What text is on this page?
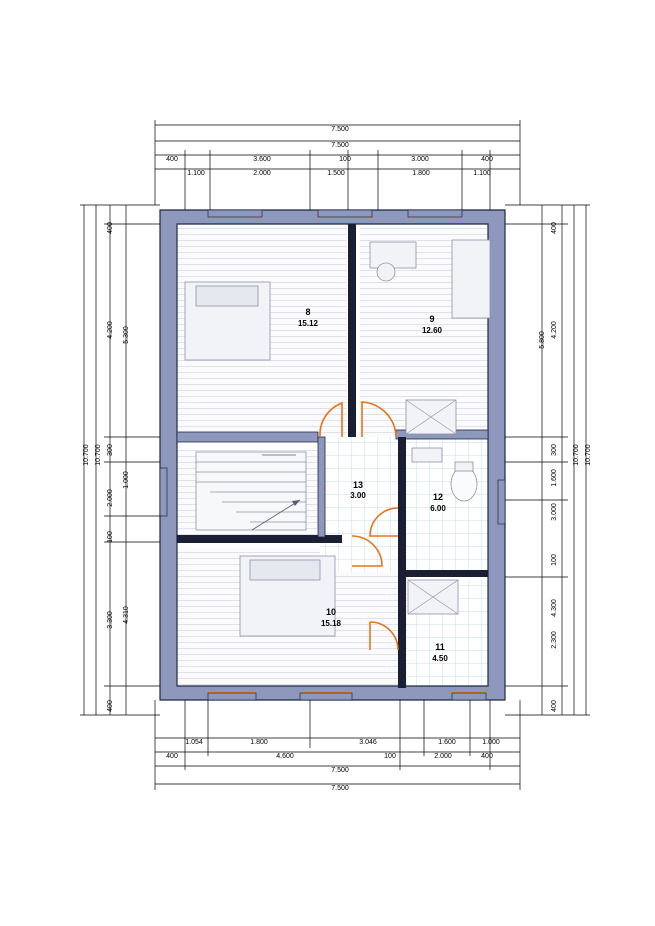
8
15.12	9
12.60
10
15.18
11
4.50
12
6.00
13
3.00
7.500
7.500
400	3.600	100	3.000	400
1.100	2.000	1.500	1.800	1.100
1.054	1.800	3.046	1.600	1.000
400	4.600	100	2.000	400
7.500
7.500
400
4.200 5.300
300
1.000
2.000
100
3.300 4.310
400
10.700 10.700
400
4.200
5.800
300
1.600
3.000
100
4.300
2.300
400
10.700 10.700
